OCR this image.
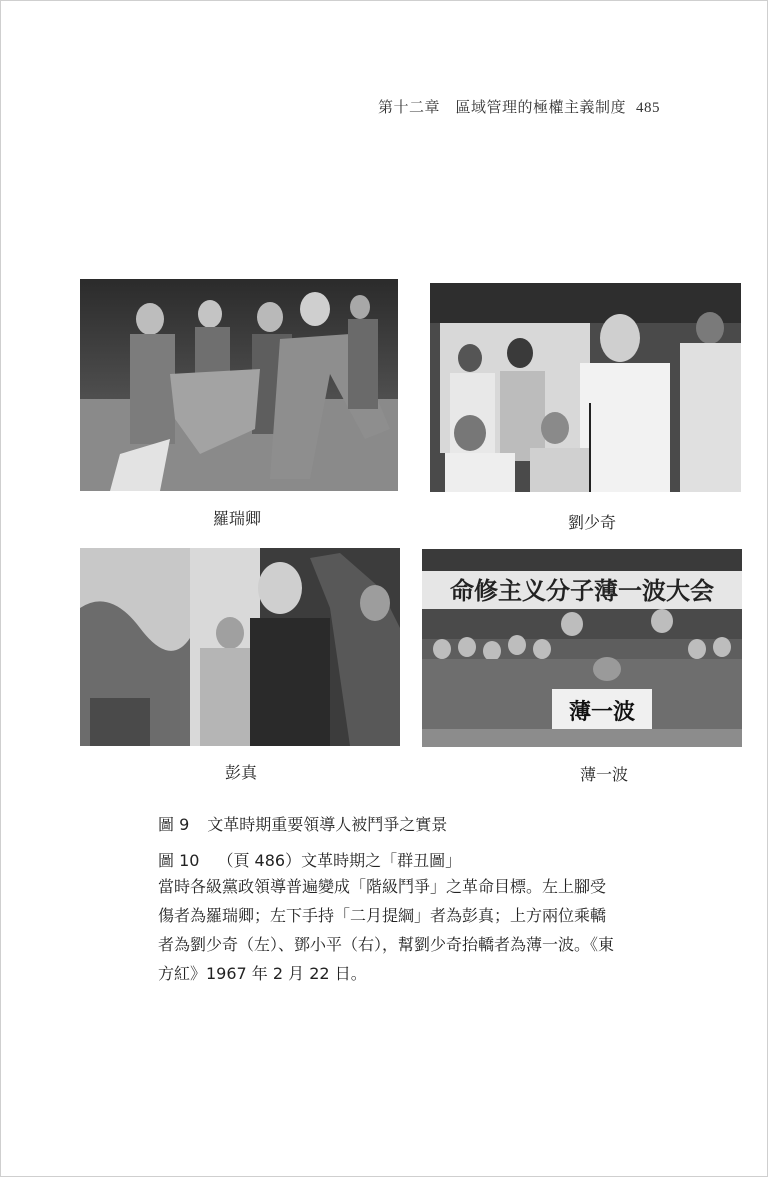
第十二章　區域管理的極權主義制度 485
羅瑞卿	劉少奇
彭真
命修主义分子薄一波大会
薄一波
薄一波
圖 9 文革時期重要領導人被鬥爭之實景
圖 10 （頁 486）文革時期之「群丑圖」
當時各級黨政領導普遍變成「階級鬥爭」之革命目標。左上腳受
傷者為羅瑞卿；左下手持「二月提綱」者為彭真；上方兩位乘轎
者為劉少奇（左）、鄧小平（右），幫劉少奇抬轎者為薄一波。《東
方紅》1967 年 2 月 22 日。
